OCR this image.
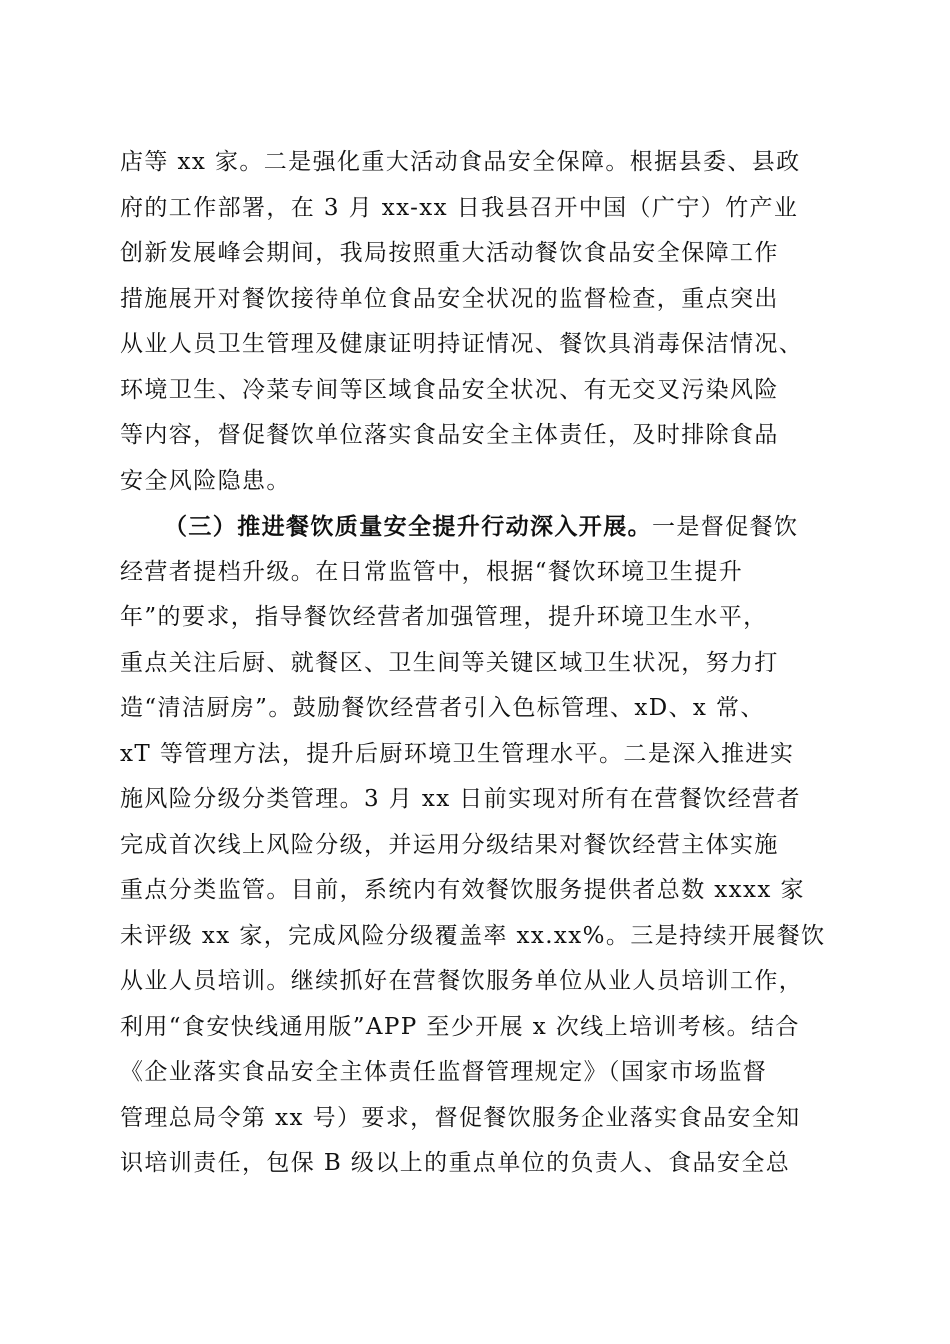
店等 xx 家。二是强化重大活动食品安全保障。根据县委、县政
府的工作部署，在 3 月 xx-xx 日我县召开中国（广宁）竹产业
创新发展峰会期间，我局按照重大活动餐饮食品安全保障工作
措施展开对餐饮接待单位食品安全状况的监督检查，重点突出
从业人员卫生管理及健康证明持证情况、餐饮具消毒保洁情况、
环境卫生、冷菜专间等区域食品安全状况、有无交叉污染风险
等内容，督促餐饮单位落实食品安全主体责任，及时排除食品
安全风险隐患。
（三）推进餐饮质量安全提升行动深入开展。一是督促餐饮
经营者提档升级。在日常监管中，根据“餐饮环境卫生提升
年”的要求，指导餐饮经营者加强管理，提升环境卫生水平，
重点关注后厨、就餐区、卫生间等关键区域卫生状况，努力打
造“清洁厨房”。鼓励餐饮经营者引入色标管理、xD、x 常、
xT 等管理方法，提升后厨环境卫生管理水平。二是深入推进实
施风险分级分类管理。3 月 xx 日前实现对所有在营餐饮经营者
完成首次线上风险分级，并运用分级结果对餐饮经营主体实施
重点分类监管。目前，系统内有效餐饮服务提供者总数 xxxx 家
未评级 xx 家，完成风险分级覆盖率 xx.xx%。三是持续开展餐饮
从业人员培训。继续抓好在营餐饮服务单位从业人员培训工作，
利用“食安快线通用版”APP 至少开展 x 次线上培训考核。结合
《企业落实食品安全主体责任监督管理规定》（国家市场监督
管理总局令第 xx 号）要求，督促餐饮服务企业落实食品安全知
识培训责任，包保 B 级以上的重点单位的负责人、食品安全总
